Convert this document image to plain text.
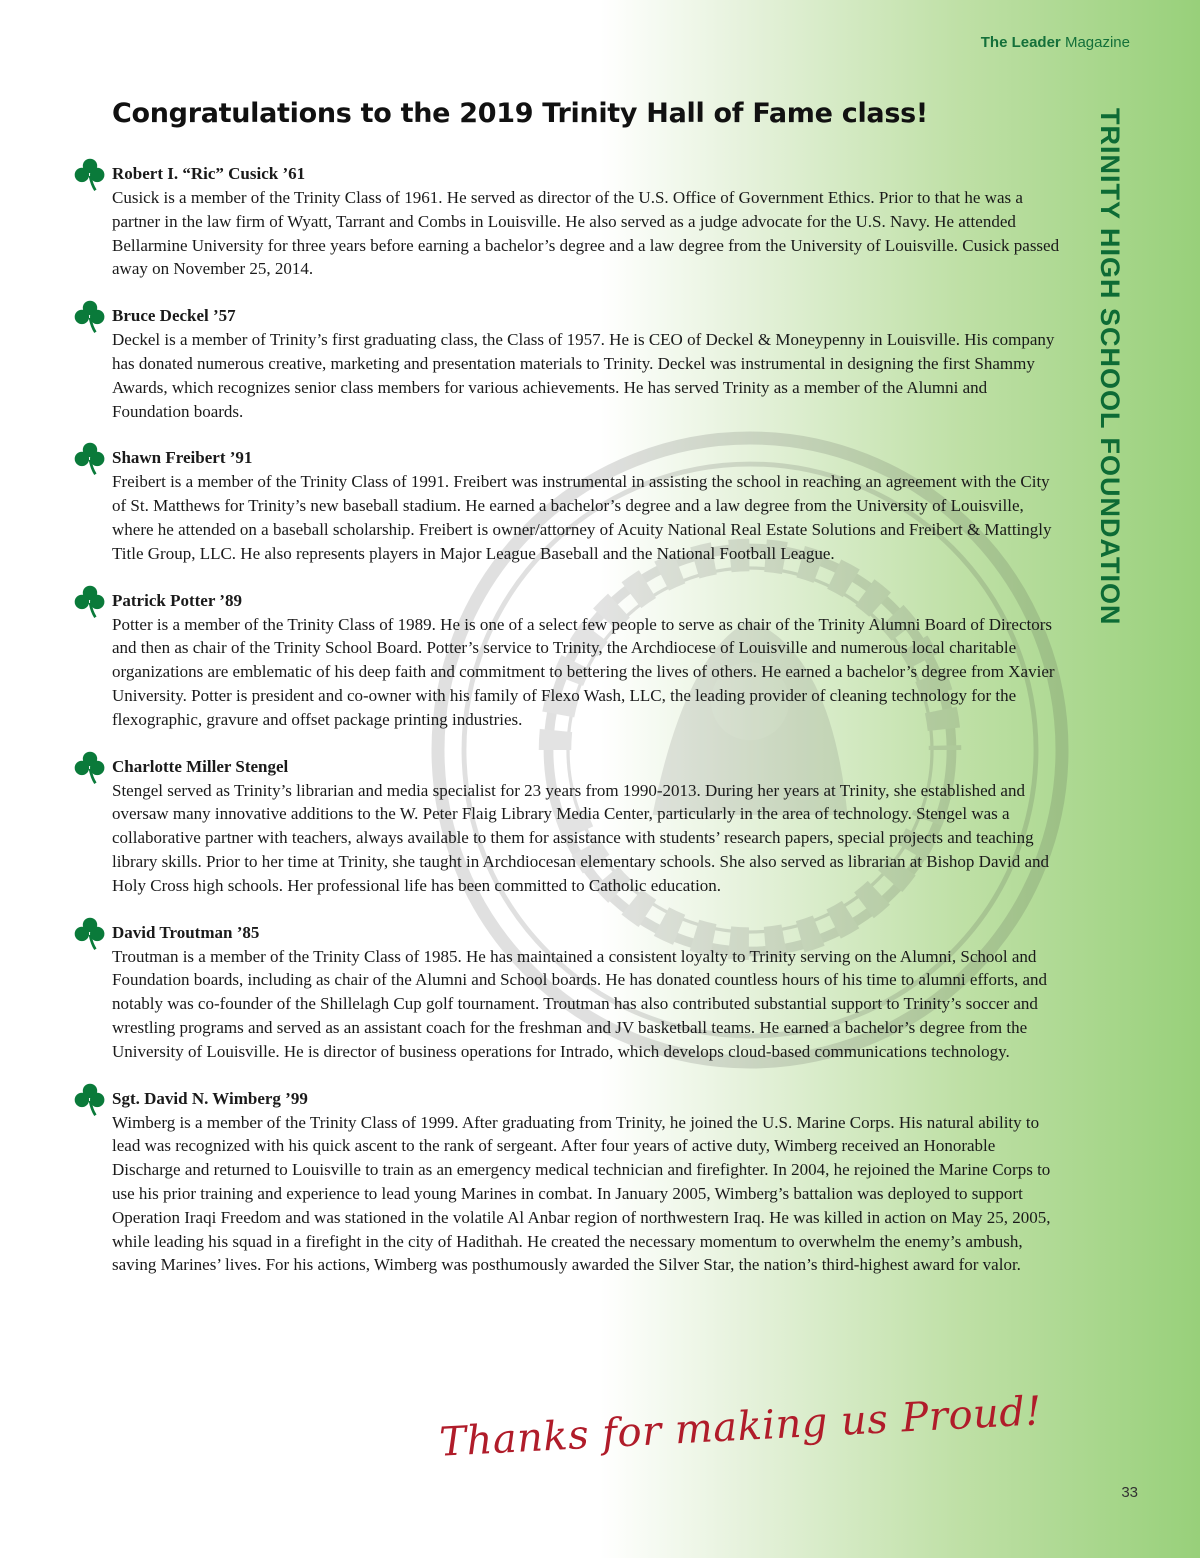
The Leader Magazine
TRINITY HIGH SCHOOL FOUNDATION
Congratulations to the 2019 Trinity Hall of Fame class!
Robert I. “Ric” Cusick ’61

Cusick is a member of the Trinity Class of 1961. He served as director of the U.S. Office of Government Ethics. Prior to that he was a partner in the law firm of Wyatt, Tarrant and Combs in Louisville. He also served as a judge advocate for the U.S. Navy. He attended Bellarmine University for three years before earning a bachelor’s degree and a law degree from the University of Louisville. Cusick passed away on November 25, 2014.

Bruce Deckel ’57

Deckel is a member of Trinity’s first graduating class, the Class of 1957. He is CEO of Deckel & Moneypenny in Louisville. His company has donated numerous creative, marketing and presentation materials to Trinity. Deckel was instrumental in designing the first Shammy Awards, which recognizes senior class members for various achievements. He has served Trinity as a member of the Alumni and Foundation boards.

Shawn Freibert ’91

Freibert is a member of the Trinity Class of 1991. Freibert was instrumental in assisting the school in reaching an agreement with the City of St. Matthews for Trinity’s new baseball stadium. He earned a bachelor’s degree and a law degree from the University of Louisville, where he attended on a baseball scholarship. Freibert is owner/attorney of Acuity National Real Estate Solutions and Freibert & Mattingly Title Group, LLC. He also represents players in Major League Baseball and the National Football League.

Patrick Potter ’89

Potter is a member of the Trinity Class of 1989. He is one of a select few people to serve as chair of the Trinity Alumni Board of Directors and then as chair of the Trinity School Board. Potter’s service to Trinity, the Archdiocese of Louisville and numerous local charitable organizations are emblematic of his deep faith and commitment to bettering the lives of others. He earned a bachelor’s degree from Xavier University. Potter is president and co-owner with his family of Flexo Wash, LLC, the leading provider of cleaning technology for the flexographic, gravure and offset package printing industries.

Charlotte Miller Stengel

Stengel served as Trinity’s librarian and media specialist for 23 years from 1990-2013. During her years at Trinity, she established and oversaw many innovative additions to the W. Peter Flaig Library Media Center, particularly in the area of technology. Stengel was a collaborative partner with teachers, always available to them for assistance with students’ research papers, special projects and teaching library skills. Prior to her time at Trinity, she taught in Archdiocesan elementary schools. She also served as librarian at Bishop David and Holy Cross high schools. Her professional life has been committed to Catholic education.

David Troutman ’85

Troutman is a member of the Trinity Class of 1985. He has maintained a consistent loyalty to Trinity serving on the Alumni, School and Foundation boards, including as chair of the Alumni and School boards. He has donated countless hours of his time to alumni efforts, and notably was co-founder of the Shillelagh Cup golf tournament. Troutman has also contributed substantial support to Trinity’s soccer and wrestling programs and served as an assistant coach for the freshman and JV basketball teams. He earned a bachelor’s degree from the University of Louisville. He is director of business operations for Intrado, which develops cloud-based communications technology.

Sgt. David N. Wimberg ’99

Wimberg is a member of the Trinity Class of 1999. After graduating from Trinity, he joined the U.S. Marine Corps. His natural ability to lead was recognized with his quick ascent to the rank of sergeant. After four years of active duty, Wimberg received an Honorable Discharge and returned to Louisville to train as an emergency medical technician and firefighter. In 2004, he rejoined the Marine Corps to use his prior training and experience to lead young Marines in combat. In January 2005, Wimberg’s battalion was deployed to support Operation Iraqi Freedom and was stationed in the volatile Al Anbar region of northwestern Iraq. He was killed in action on May 25, 2005, while leading his squad in a firefight in the city of Hadithah. He created the necessary momentum to overwhelm the enemy’s ambush, saving Marines’ lives. For his actions, Wimberg was posthumously awarded the Silver Star, the nation’s third-highest award for valor.

Thanks for making us Proud!
33
